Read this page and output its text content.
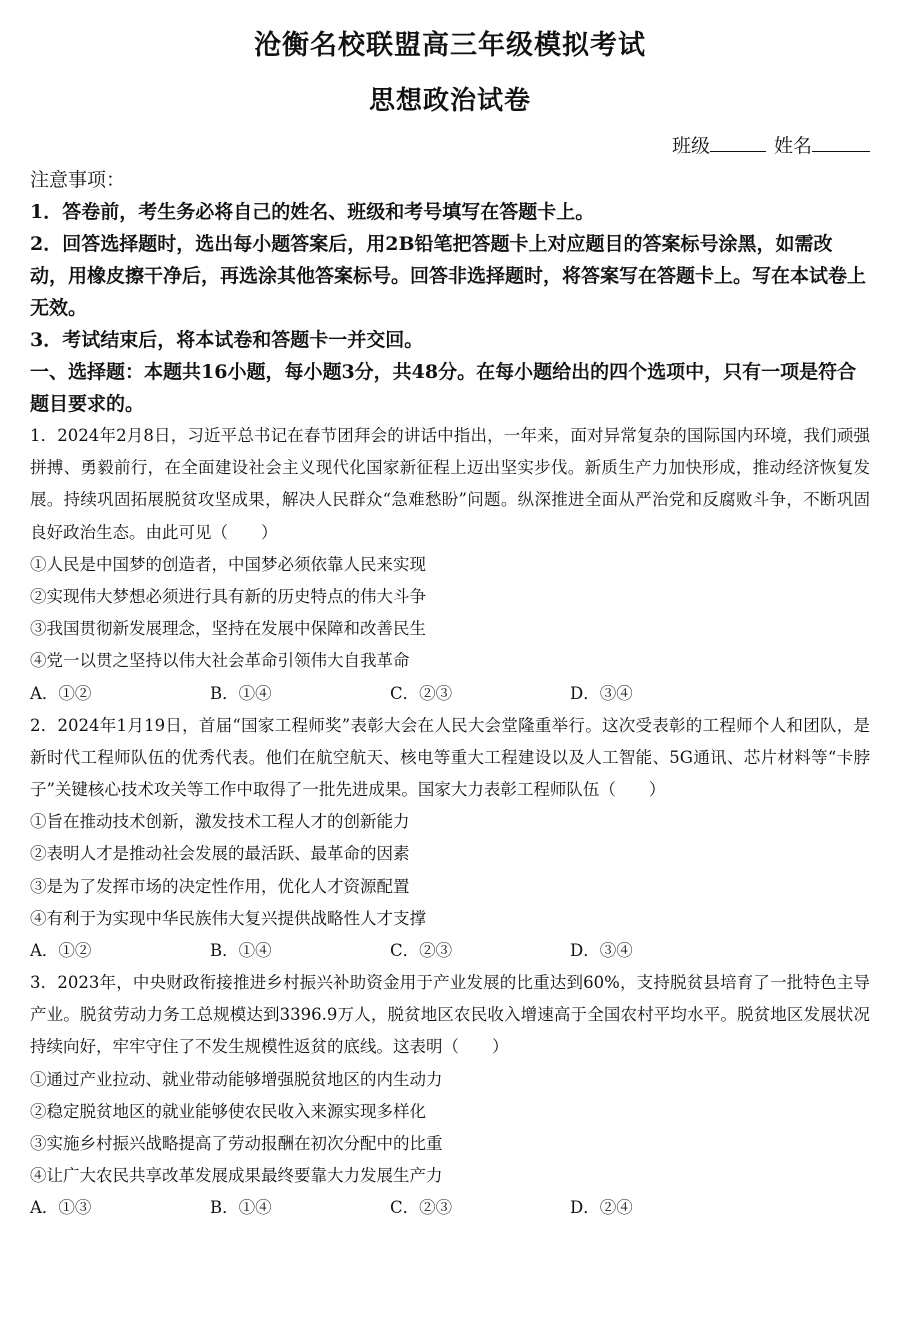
沧衡名校联盟高三年级模拟考试
思想政治试卷
班级	姓名

注意事项：

1．答卷前，考生务必将自己的姓名、班级和考号填写在答题卡上。

2．回答选择题时，选出每小题答案后，用2B铅笔把答题卡上对应题目的答案标号涂黑，如需改动，用橡皮擦干净后，再选涂其他答案标号。回答非选择题时，将答案写在答题卡上。写在本试卷上无效。

3．考试结束后，将本试卷和答题卡一并交回。

一、选择题：本题共16小题，每小题3分，共48分。在每小题给出的四个选项中，只有一项是符合题目要求的。

1．2024年2月8日，习近平总书记在春节团拜会的讲话中指出，一年来，面对异常复杂的国际国内环境，我们顽强拼搏、勇毅前行，在全面建设社会主义现代化国家新征程上迈出坚实步伐。新质生产力加快形成，推动经济恢复发展。持续巩固拓展脱贫攻坚成果，解决人民群众“急难愁盼”问题。纵深推进全面从严治党和反腐败斗争，不断巩固良好政治生态。由此可见（　　）

①人民是中国梦的创造者，中国梦必须依靠人民来实现

②实现伟大梦想必须进行具有新的历史特点的伟大斗争

③我国贯彻新发展理念，坚持在发展中保障和改善民生

④党一以贯之坚持以伟大社会革命引领伟大自我革命

A．①②	B．①④	C．②③	D．③④

2．2024年1月19日，首届“国家工程师奖”表彰大会在人民大会堂隆重举行。这次受表彰的工程师个人和团队，是新时代工程师队伍的优秀代表。他们在航空航天、核电等重大工程建设以及人工智能、5G通讯、芯片材料等“卡脖子”关键核心技术攻关等工作中取得了一批先进成果。国家大力表彰工程师队伍（　　）

①旨在推动技术创新，激发技术工程人才的创新能力

②表明人才是推动社会发展的最活跃、最革命的因素

③是为了发挥市场的决定性作用，优化人才资源配置

④有利于为实现中华民族伟大复兴提供战略性人才支撑

A．①②	B．①④	C．②③	D．③④

3．2023年，中央财政衔接推进乡村振兴补助资金用于产业发展的比重达到60%，支持脱贫县培育了一批特色主导产业。脱贫劳动力务工总规模达到3396.9万人，脱贫地区农民收入增速高于全国农村平均水平。脱贫地区发展状况持续向好，牢牢守住了不发生规模性返贫的底线。这表明（　　）

①通过产业拉动、就业带动能够增强脱贫地区的内生动力

②稳定脱贫地区的就业能够使农民收入来源实现多样化

③实施乡村振兴战略提高了劳动报酬在初次分配中的比重

④让广大农民共享改革发展成果最终要靠大力发展生产力

A．①③	B．①④	C．②③	D．②④
